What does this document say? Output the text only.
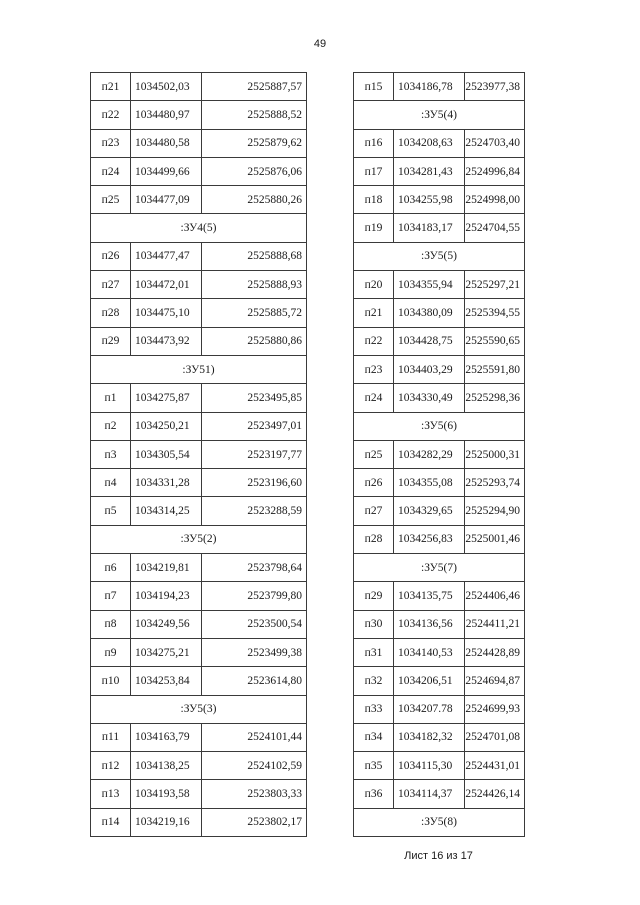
49
п21	1034502,03	2525887,57
п22	1034480,97	2525888,52
п23	1034480,58	2525879,62
п24	1034499,66	2525876,06
п25	1034477,09	2525880,26
:ЗУ4(5)		
п26	1034477,47	2525888,68
п27	1034472,01	2525888,93
п28	1034475,10	2525885,72
п29	1034473,92	2525880,86
:ЗУ51)		
п1	1034275,87	2523495,85
п2	1034250,21	2523497,01
п3	1034305,54	2523197,77
п4	1034331,28	2523196,60
п5	1034314,25	2523288,59
:ЗУ5(2)		
п6	1034219,81	2523798,64
п7	1034194,23	2523799,80
п8	1034249,56	2523500,54
п9	1034275,21	2523499,38
п10	1034253,84	2523614,80
:ЗУ5(3)		
п11	1034163,79	2524101,44
п12	1034138,25	2524102,59
п13	1034193,58	2523803,33
п14	1034219,16	2523802,17
п15	1034186,78	2523977,38
:ЗУ5(4)		
п16	1034208,63	2524703,40
п17	1034281,43	2524996,84
п18	1034255,98	2524998,00
п19	1034183,17	2524704,55
:ЗУ5(5)		
п20	1034355,94	2525297,21
п21	1034380,09	2525394,55
п22	1034428,75	2525590,65
п23	1034403,29	2525591,80
п24	1034330,49	2525298,36
:ЗУ5(6)		
п25	1034282,29	2525000,31
п26	1034355,08	2525293,74
п27	1034329,65	2525294,90
п28	1034256,83	2525001,46
:ЗУ5(7)		
п29	1034135,75	2524406,46
п30	1034136,56	2524411,21
п31	1034140,53	2524428,89
п32	1034206,51	2524694,87
п33	1034207.78	2524699,93
п34	1034182,32	2524701,08
п35	1034115,30	2524431,01
п36	1034114,37	2524426,14
:ЗУ5(8)		
Лист 16 из 17
